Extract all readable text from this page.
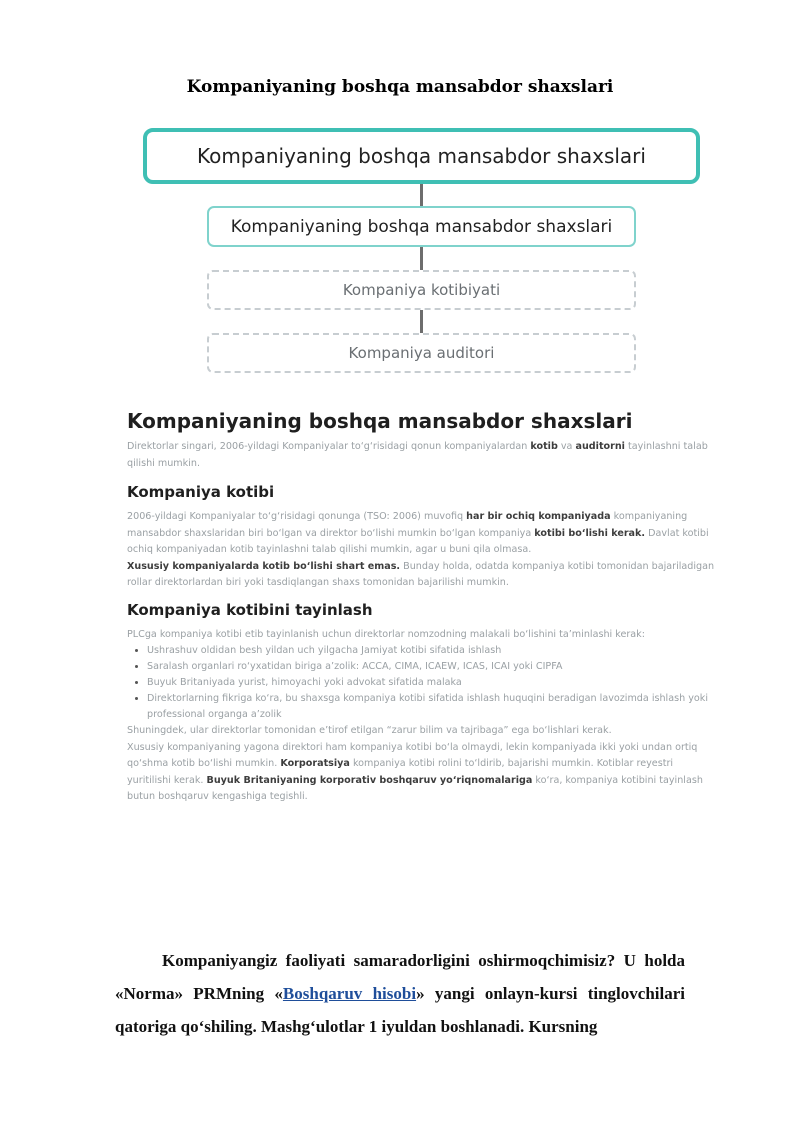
Kompaniyaning boshqa mansabdor shaxslari
Kompaniyaning boshqa mansabdor shaxslari
Kompaniyaning boshqa mansabdor shaxslari
Kompaniya kotibiyati
Kompaniya auditori
Kompaniyaning boshqa mansabdor shaxslari

Direktorlar singari, 2006-yildagi Kompaniyalar to‘g‘risidagi qonun kompaniyalardan kotib va auditorni tayinlashni talab qilishi mumkin.

Kompaniya kotibi

2006-yildagi Kompaniyalar to‘g‘risidagi qonunga (TSO: 2006) muvofiq har bir ochiq kompaniyada kompaniyaning mansabdor shaxslaridan biri bo‘lgan va direktor bo‘lishi mumkin bo‘lgan kompaniya kotibi bo‘lishi kerak. Davlat kotibi ochiq kompaniyadan kotib tayinlashni talab qilishi mumkin, agar u buni qila olmasa.

Xususiy kompaniyalarda kotib bo‘lishi shart emas. Bunday holda, odatda kompaniya kotibi tomonidan bajariladigan rollar direktorlardan biri yoki tasdiqlangan shaxs tomonidan bajarilishi mumkin.

Kompaniya kotibini tayinlash

PLCga kompaniya kotibi etib tayinlanish uchun direktorlar nomzodning malakali bo‘lishini ta’minlashi kerak:

• Ushrashuv oldidan besh yildan uch yilgacha Jamiyat kotibi sifatida ishlash
• Saralash organlari ro‘yxatidan biriga a’zolik: ACCA, CIMA, ICAEW, ICAS, ICAI yoki CIPFA
• Buyuk Britaniyada yurist, himoyachi yoki advokat sifatida malaka
• Direktorlarning fikriga ko‘ra, bu shaxsga kompaniya kotibi sifatida ishlash huquqini beradigan lavozimda ishlash yoki professional organga a’zolik

Shuningdek, ular direktorlar tomonidan e’tirof etilgan “zarur bilim va tajribaga” ega bo‘lishlari kerak.

Xususiy kompaniyaning yagona direktori ham kompaniya kotibi bo‘la olmaydi, lekin kompaniyada ikki yoki undan ortiq qo‘shma kotib bo‘lishi mumkin. Korporatsiya kompaniya kotibi rolini to‘ldirib, bajarishi mumkin. Kotiblar reyestri yuritilishi kerak. Buyuk Britaniyaning korporativ boshqaruv yo‘riqnomalariga ko‘ra, kompaniya kotibini tayinlash butun boshqaruv kengashiga tegishli.

Kompaniyangiz faoliyati samaradorligini oshirmoqchimisiz? U holda «Norma» PRMning «Boshqaruv hisobi» yangi onlayn-kursi tinglovchilari qatoriga qo‘shiling. Mashg‘ulotlar 1 iyuldan boshlanadi. Kursning
